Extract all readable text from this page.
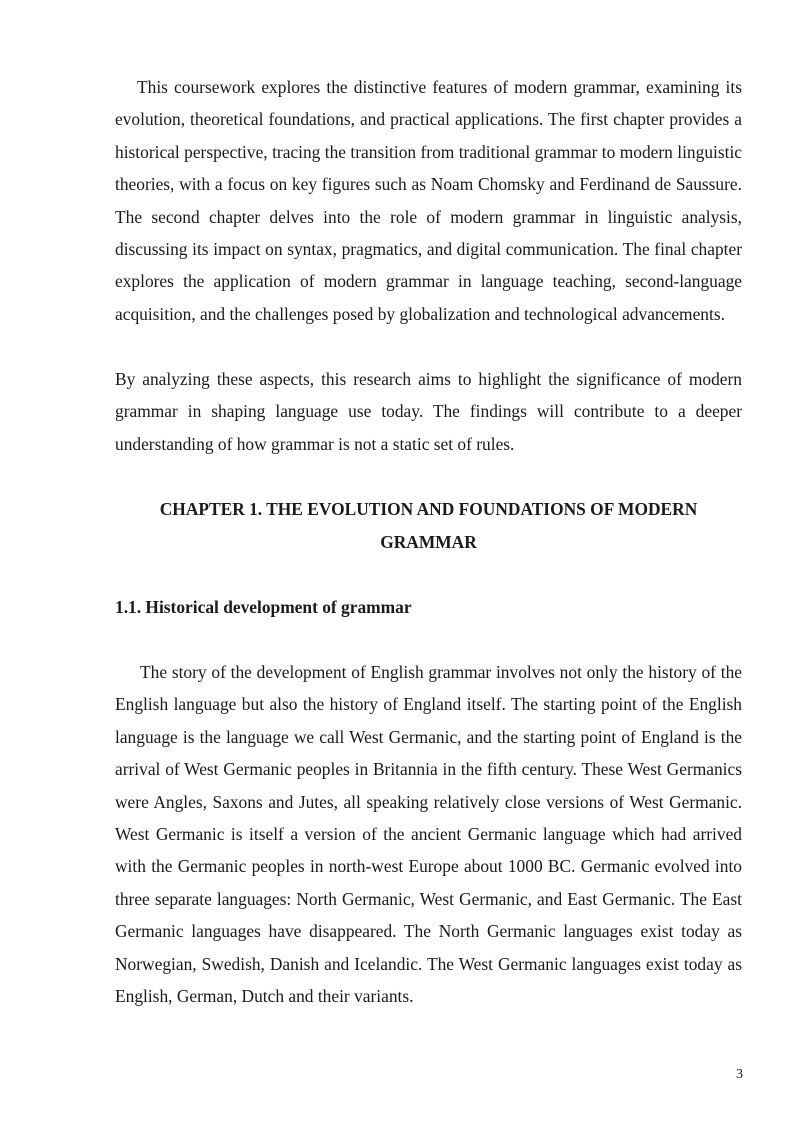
This coursework explores the distinctive features of modern grammar, examining its evolution, theoretical foundations, and practical applications. The first chapter provides a historical perspective, tracing the transition from traditional grammar to modern linguistic theories, with a focus on key figures such as Noam Chomsky and Ferdinand de Saussure. The second chapter delves into the role of modern grammar in linguistic analysis, discussing its impact on syntax, pragmatics, and digital communication. The final chapter explores the application of modern grammar in language teaching, second-language acquisition, and the challenges posed by globalization and technological advancements.

By analyzing these aspects, this research aims to highlight the significance of modern grammar in shaping language use today. The findings will contribute to a deeper understanding of how grammar is not a static set of rules.

CHAPTER 1. THE EVOLUTION AND FOUNDATIONS OF MODERN GRAMMAR
1.1. Historical development of grammar

The story of the development of English grammar involves not only the history of the English language but also the history of England itself. The starting point of the English language is the language we call West Germanic, and the starting point of England is the arrival of West Germanic peoples in Britannia in the fifth century. These West Germanics were Angles, Saxons and Jutes, all speaking relatively close versions of West Germanic. West Germanic is itself a version of the ancient Germanic language which had arrived with the Germanic peoples in north-west Europe about 1000 BC. Germanic evolved into three separate languages: North Germanic, West Germanic, and East Germanic. The East Germanic languages have disappeared. The North Germanic languages exist today as Norwegian, Swedish, Danish and Icelandic. The West Germanic languages exist today as English, German, Dutch and their variants.

3
